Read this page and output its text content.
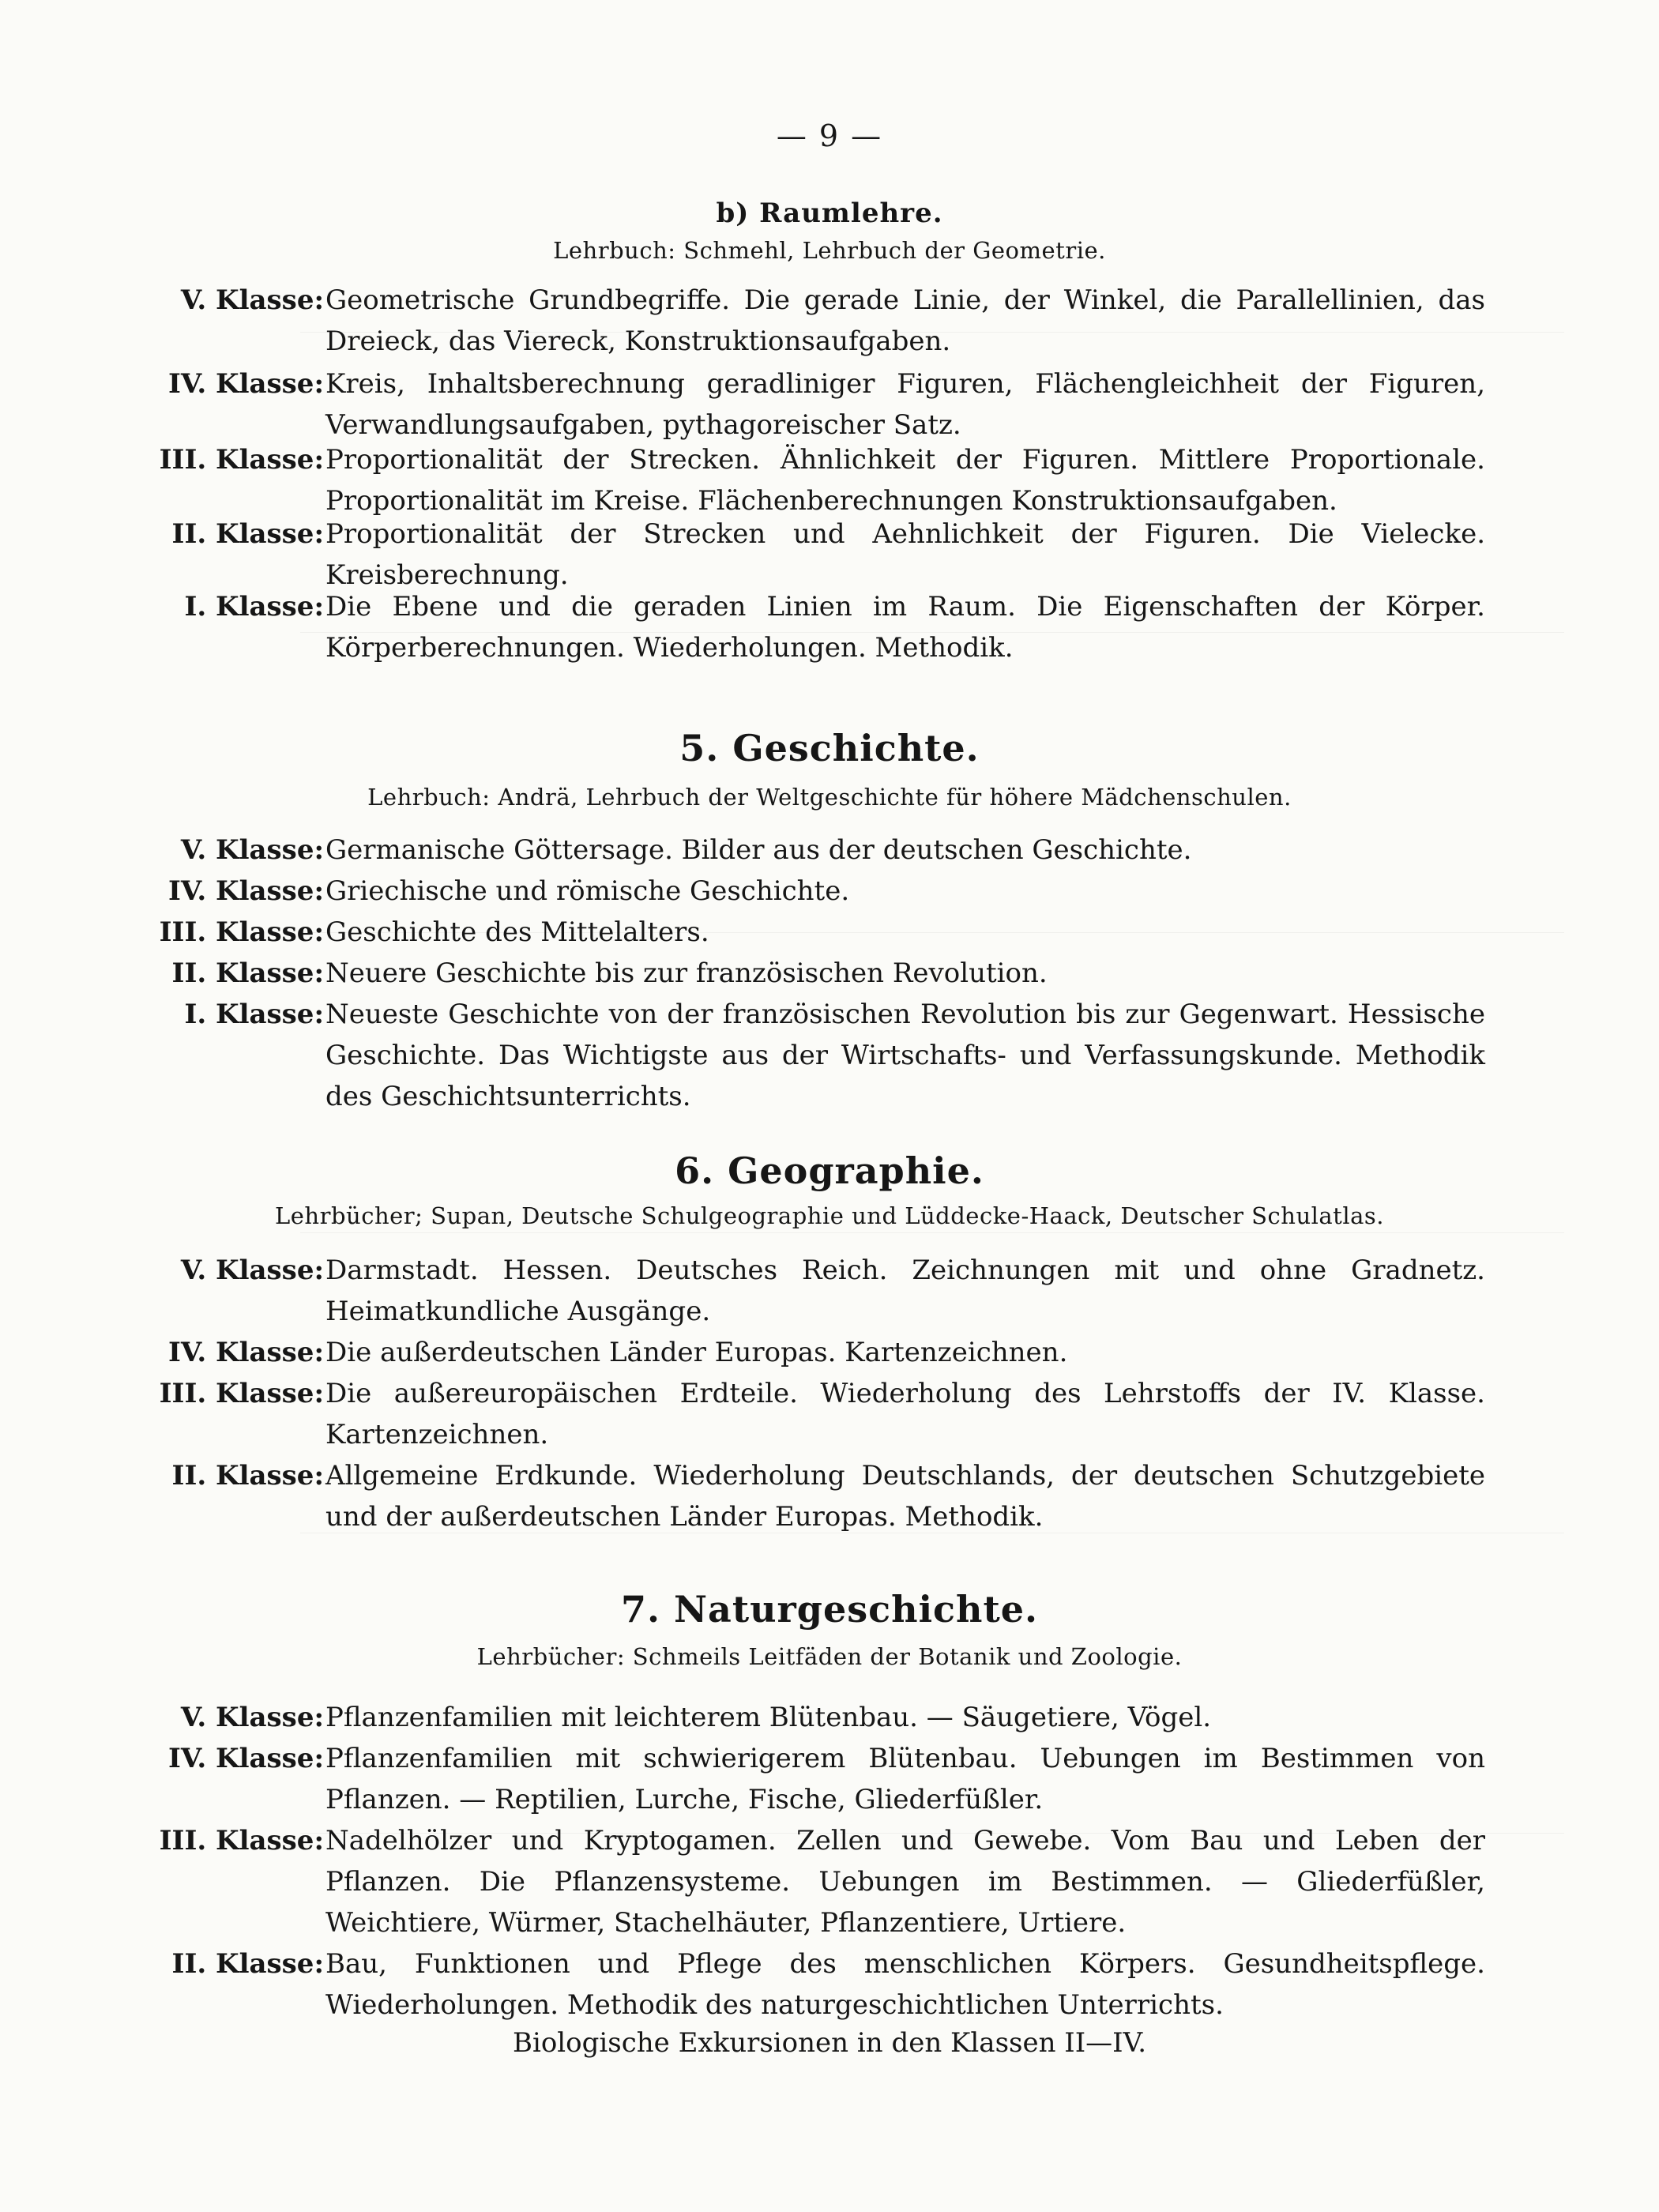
— 9 —
b) Raumlehre.
Lehrbuch: Schmehl, Lehrbuch der Geometrie.
V. Klasse: Geometrische Grundbegriffe. Die gerade Linie, der Winkel, die Parallellinien, das Dreieck, das Viereck, Konstruktionsaufgaben.
IV. Klasse: Kreis, Inhaltsberechnung geradliniger Figuren, Flächengleichheit der Figuren, Verwandlungsaufgaben, pythagoreischer Satz.
III. Klasse: Proportionalität der Strecken. Ähnlichkeit der Figuren. Mittlere Proportionale. Proportionalität im Kreise. Flächenberechnungen Konstruktionsaufgaben.
II. Klasse: Proportionalität der Strecken und Aehnlichkeit der Figuren. Die Vielecke. Kreisberechnung.
I. Klasse: Die Ebene und die geraden Linien im Raum. Die Eigenschaften der Körper. Körperberechnungen. Wiederholungen. Methodik.
5. Geschichte.
Lehrbuch: Andrä, Lehrbuch der Weltgeschichte für höhere Mädchenschulen.
V. Klasse: Germanische Göttersage. Bilder aus der deutschen Geschichte.
IV. Klasse: Griechische und römische Geschichte.
III. Klasse: Geschichte des Mittelalters.
II. Klasse: Neuere Geschichte bis zur französischen Revolution.
I. Klasse: Neueste Geschichte von der französischen Revolution bis zur Gegenwart. Hessische Geschichte. Das Wichtigste aus der Wirtschafts- und Verfassungskunde. Methodik des Geschichtsunterrichts.
6. Geographie.
Lehrbücher; Supan, Deutsche Schulgeographie und Lüddecke-Haack, Deutscher Schulatlas.
V. Klasse: Darmstadt. Hessen. Deutsches Reich. Zeichnungen mit und ohne Gradnetz. Heimatkundliche Ausgänge.
IV. Klasse: Die außerdeutschen Länder Europas. Kartenzeichnen.
III. Klasse: Die außereuropäischen Erdteile. Wiederholung des Lehrstoffs der IV. Klasse. Kartenzeichnen.
II. Klasse: Allgemeine Erdkunde. Wiederholung Deutschlands, der deutschen Schutzgebiete und der außerdeutschen Länder Europas. Methodik.
7. Naturgeschichte.
Lehrbücher: Schmeils Leitfäden der Botanik und Zoologie.
V. Klasse: Pflanzenfamilien mit leichterem Blütenbau. — Säugetiere, Vögel.
IV. Klasse: Pflanzenfamilien mit schwierigerem Blütenbau. Uebungen im Bestimmen von Pflanzen. — Reptilien, Lurche, Fische, Gliederfüßler.
III. Klasse: Nadelhölzer und Kryptogamen. Zellen und Gewebe. Vom Bau und Leben der Pflanzen. Die Pflanzensysteme. Uebungen im Bestimmen. — Gliederfüßler, Weichtiere, Würmer, Stachelhäuter, Pflanzentiere, Urtiere.
II. Klasse: Bau, Funktionen und Pflege des menschlichen Körpers. Gesundheitspflege. Wiederholungen. Methodik des naturgeschichtlichen Unterrichts.
Biologische Exkursionen in den Klassen II—IV.
